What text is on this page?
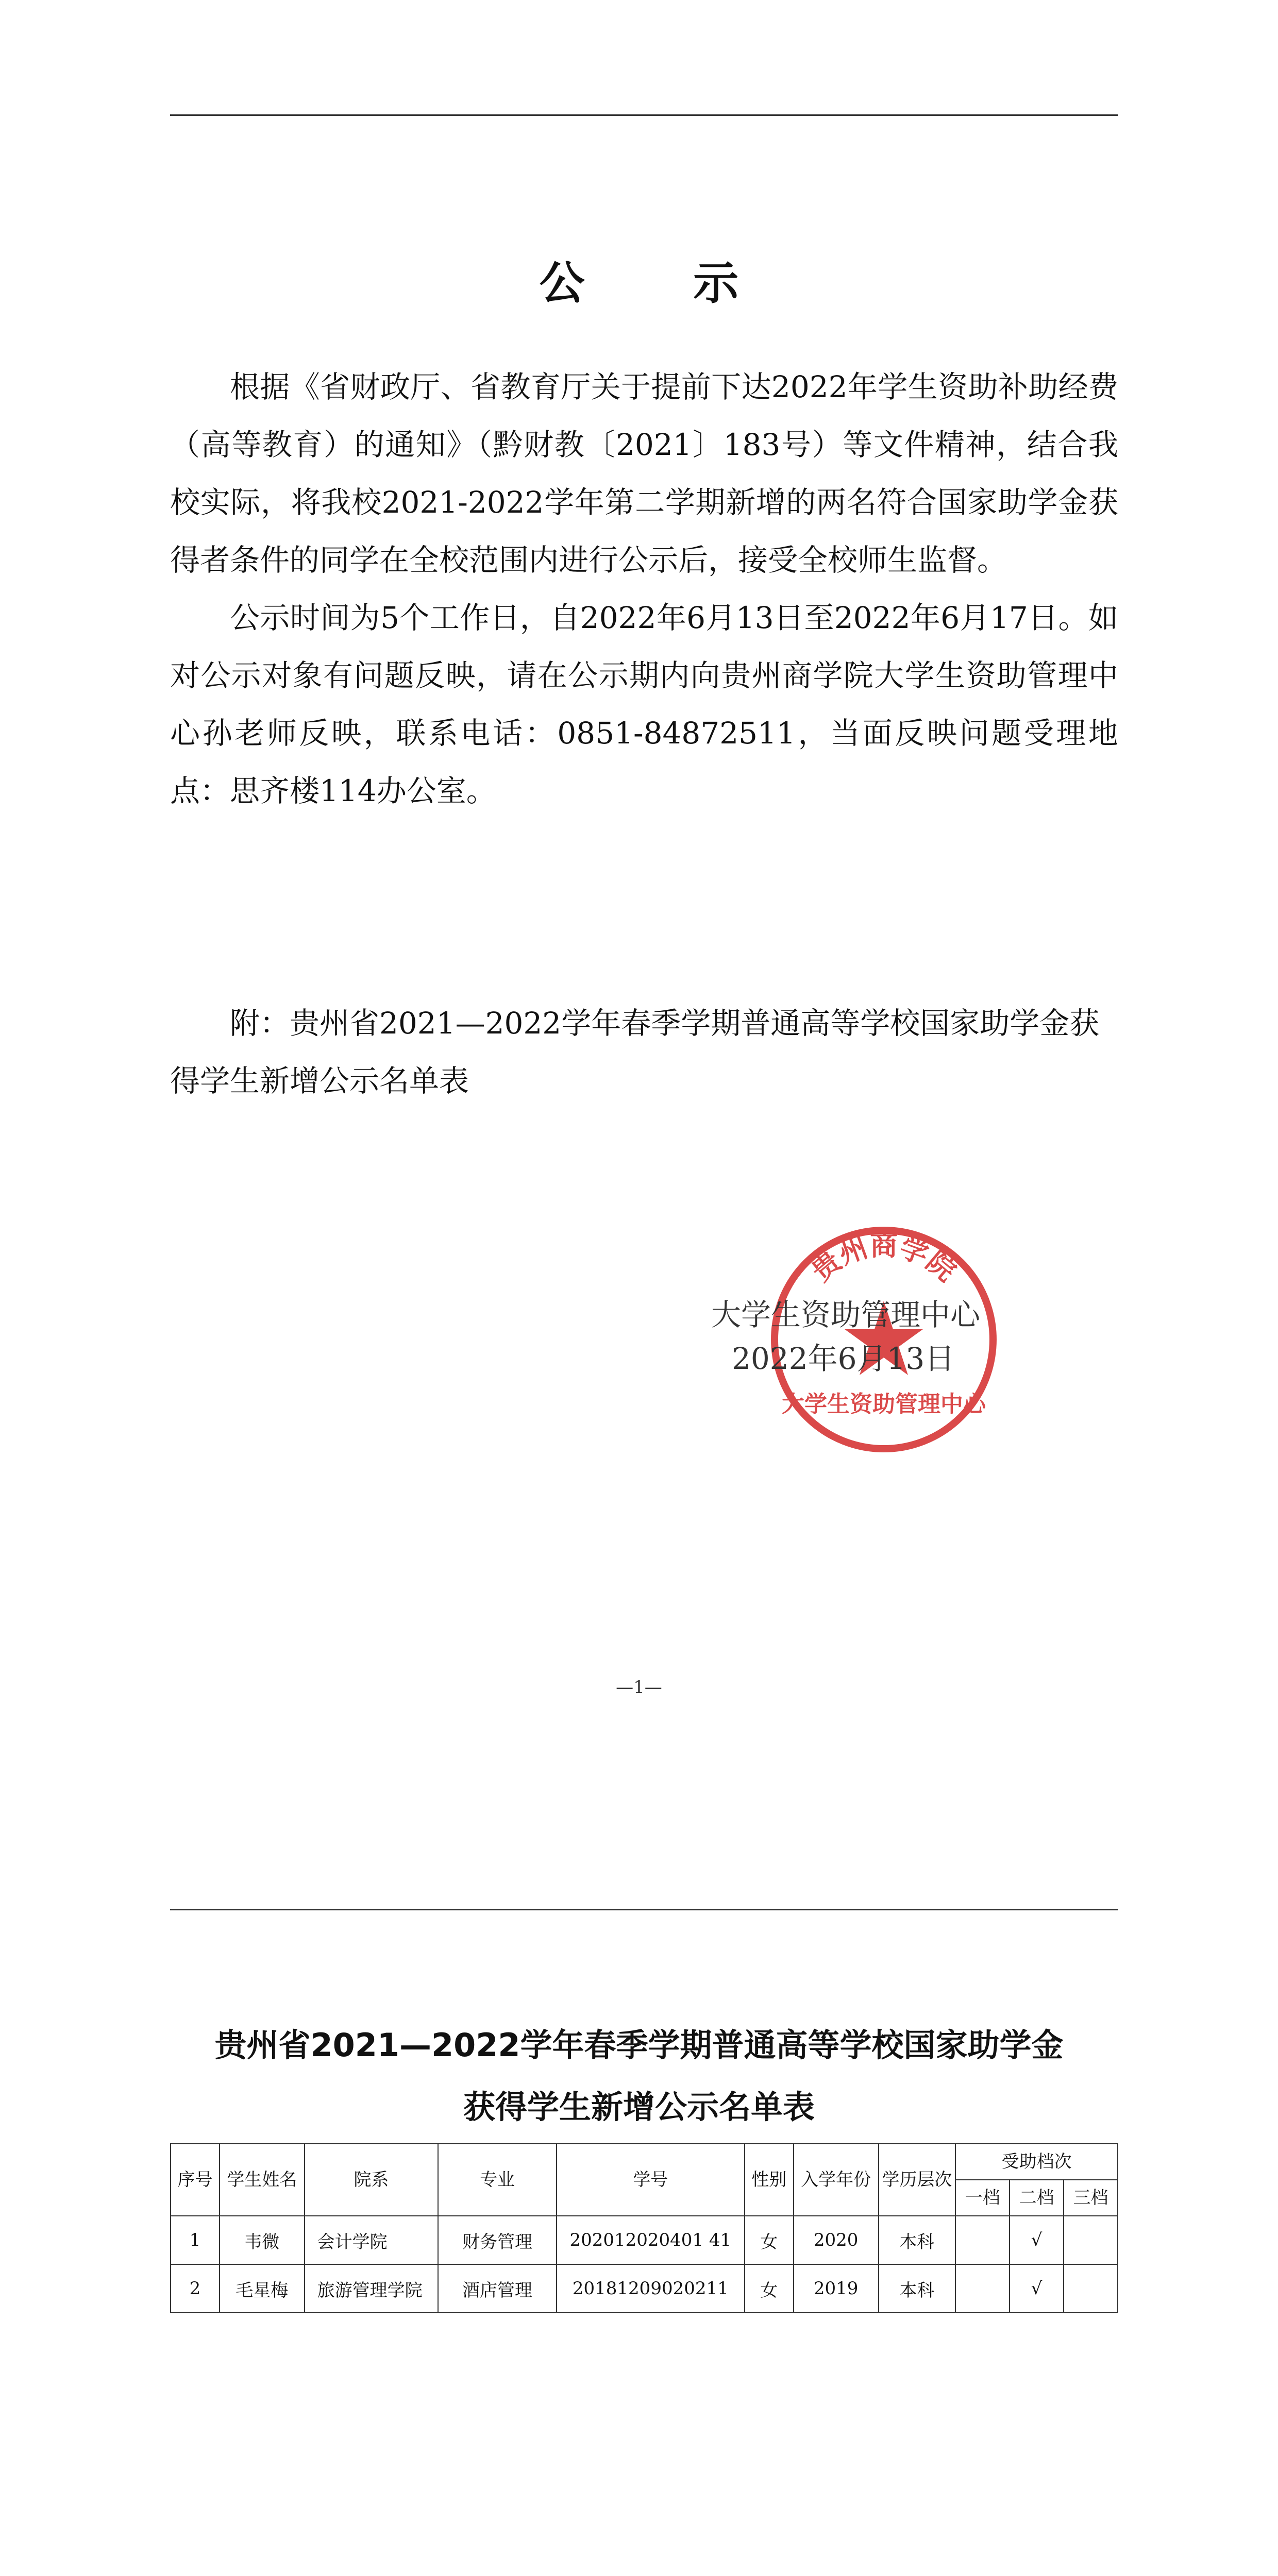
公 示

根据《省财政厅、省教育厅关于提前下达2022年学生资助补助经费（高等教育）的通知》（黔财教〔2021〕183号）等文件精神，结合我校实际，将我校2021-2022学年第二学期新增的两名符合国家助学金获得者条件的同学在全校范围内进行公示后，接受全校师生监督。

公示时间为5个工作日，自2022年6月13日至2022年6月17日。如对公示对象有问题反映，请在公示期内向贵州商学院大学生资助管理中心孙老师反映，联系电话：0851-84872511，当面反映问题受理地点：思齐楼114办公室。

附：贵州省2021—2022学年春季学期普通高等学校国家助学金获得学生新增公示名单表

贵州商学院
大学生资助管理中心
大学生资助管理中心
2022年6月13日
—1—
贵州省2021—2022学年春季学期普通高等学校国家助学金
获得学生新增公示名单表
序号	学生姓名	院系	专业	学号	性别	入学年份	学历层次	受助档次		
								一档	二档	三档
1	韦微	会计学院	财务管理	202012020401 41	女	2020	本科		√	
2	毛星梅	旅游管理学院	酒店管理	20181209020211	女	2019	本科		√	
